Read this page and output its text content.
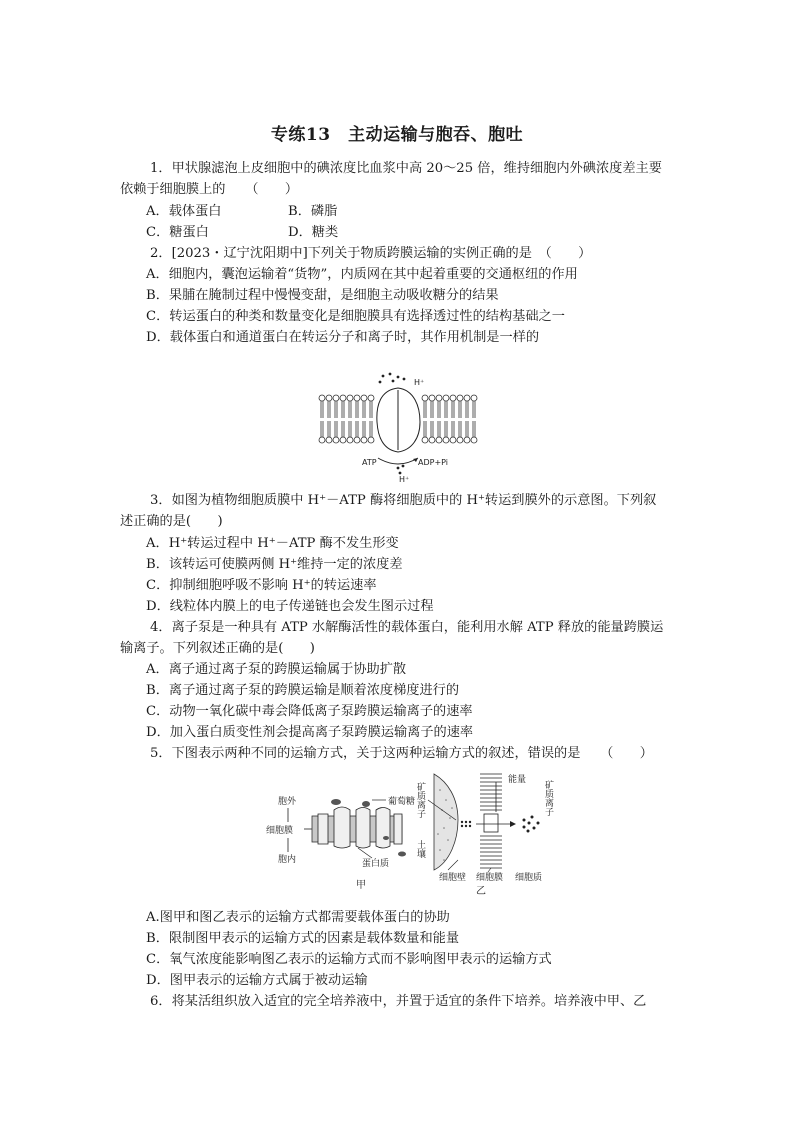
专练13　主动运输与胞吞、胞吐
1．甲状腺滤泡上皮细胞中的碘浓度比血浆中高 20～25 倍，维持细胞内外碘浓度差主要
依赖于细胞膜上的　　（　　）
A．载体蛋白	B．磷脂
C．糖蛋白	D．糖类
2．[2023・辽宁沈阳期中]下列关于物质跨膜运输的实例正确的是　（　　）
A．细胞内，囊泡运输着“货物”，内质网在其中起着重要的交通枢纽的作用
B．果脯在腌制过程中慢慢变甜，是细胞主动吸收糖分的结果
C．转运蛋白的种类和数量变化是细胞膜具有选择透过性的结构基础之一
D．载体蛋白和通道蛋白在转运分子和离子时，其作用机制是一样的
H⁺
ATP	ADP+Pi
H⁺
3．如图为植物细胞质膜中 H⁺－ATP 酶将细胞质中的 H⁺转运到膜外的示意图。下列叙
述正确的是(　　)
A．H⁺转运过程中 H⁺－ATP 酶不发生形变
B．该转运可使膜两侧 H⁺维持一定的浓度差
C．抑制细胞呼吸不影响 H⁺的转运速率
D．线粒体内膜上的电子传递链也会发生图示过程
4．离子泵是一种具有 ATP 水解酶活性的载体蛋白，能利用水解 ATP 释放的能量跨膜运
输离子。下列叙述正确的是(　　)
A．离子通过离子泵的跨膜运输属于协助扩散
B．离子通过离子泵的跨膜运输是顺着浓度梯度进行的
C．动物一氧化碳中毒会降低离子泵跨膜运输离子的速率
D．加入蛋白质变性剂会提高离子泵跨膜运输离子的速率
5．下图表示两种不同的运输方式，关于这两种运输方式的叙述，错误的是　　（　　）
胞外
细胞膜
胞内
葡萄糖
蛋白质
甲
矿质离子
土壤
能量 矿质离子
细胞壁 细胞膜 细胞质
乙
A.图甲和图乙表示的运输方式都需要载体蛋白的协助
B．限制图甲表示的运输方式的因素是载体数量和能量
C．氧气浓度能影响图乙表示的运输方式而不影响图甲表示的运输方式
D．图甲表示的运输方式属于被动运输
6．将某活组织放入适宜的完全培养液中，并置于适宜的条件下培养。培养液中甲、乙
